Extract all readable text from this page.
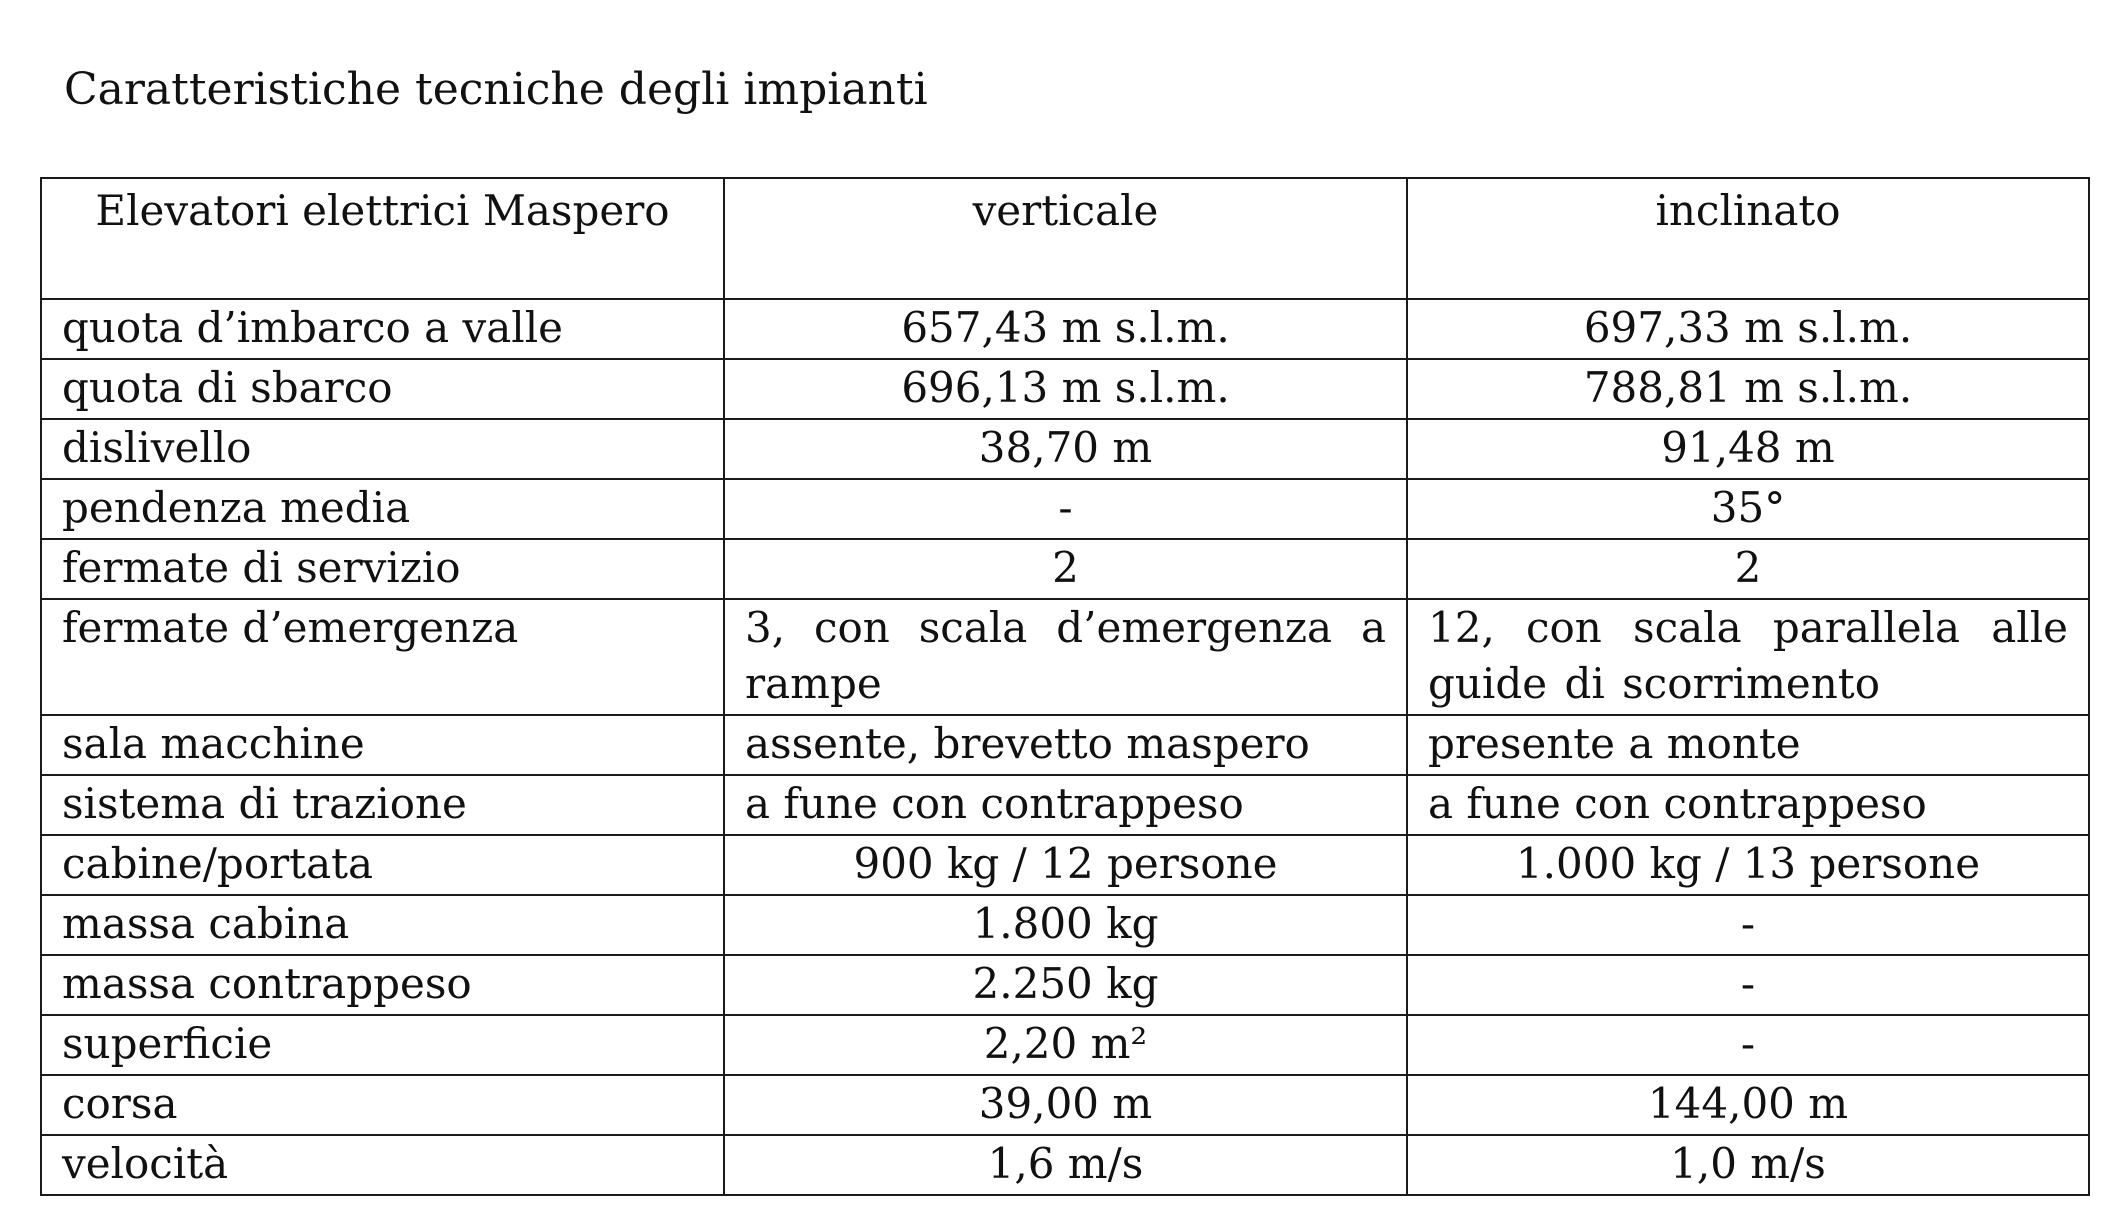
Caratteristiche tecniche degli impianti
Elevatori elettrici Maspero	verticale	inclinato
quota d’imbarco a valle	657,43 m s.l.m.	697,33 m s.l.m.
quota di sbarco	696,13 m s.l.m.	788,81 m s.l.m.
dislivello	38,70 m	91,48 m
pendenza media	-	35°
fermate di servizio	2	2
fermate d’emergenza	3, con scala d’emergenza a rampe	12, con scala parallela alle guide di scorrimento
sala macchine	assente, brevetto maspero	presente a monte
sistema di trazione	a fune con contrappeso	a fune con contrappeso
cabine/portata	900 kg / 12 persone	1.000 kg / 13 persone
massa cabina	1.800 kg	-
massa contrappeso	2.250 kg	-
superficie	2,20 m²	-
corsa	39,00 m	144,00 m
velocità	1,6 m/s	1,0 m/s
